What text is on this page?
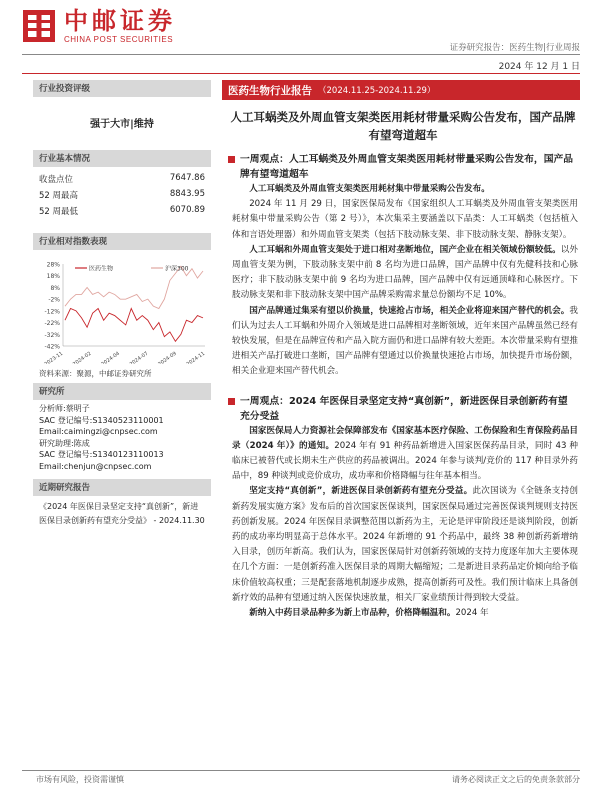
中邮证券
CHINA POST SECURITIES
证券研究报告：医药生物|行业周报
2024 年 12 月 1 日
行业投资评级
强于大市|维持
行业基本情况
收盘点位	7647.86
52 周最高	8843.95
52 周最低	6070.89
行业相对指数表现
28%
18%
8%
-2%
-12%
-22%
-32%
-42%
2023-11 2024-02 2024-04 2024-07 2024-09 2024-11
医药生物	沪深300
资料来源：聚源，中邮证券研究所
研究所
分析师:蔡明子
SAC 登记编号:S1340523110001
Email:caimingzi@cnpsec.com
研究助理:陈成
SAC 登记编号:S1340123110013
Email:chenjun@cnpsec.com
近期研究报告
《2024 年医保目录坚定支持“真创新”，新进医保目录创新药有望充分受益》 - 2024.11.30
医药生物行业报告 （2024.11.25-2024.11.29）
人工耳蜗类及外周血管支架类医用耗材带量采购公告发布，国产品牌有望弯道超车
一周观点：人工耳蜗类及外周血管支架类医用耗材带量采购公告发布，国产品牌有望弯道超车
人工耳蜗类及外周血管支架类医用耗材集中带量采购公告发布。
2024 年 11 月 29 日，国家医保局发布《国家组织人工耳蜗类及外周血管支架类医用耗材集中带量采购公告（第 2 号）》，本次集采主要涵盖以下品类：人工耳蜗类（包括植入体和言语处理器）和外周血管支架类（包括下肢动脉支架、非下肢动脉支架、静脉支架）。
人工耳蜗和外周血管支架处于进口相对垄断地位，国产企业在相关领域份额较低。以外周血管支架为例，下肢动脉支架中前 8 名均为进口品牌，国产品牌中仅有先健科技和心脉医疗；非下肢动脉支架中前 9 名均为进口品牌，国产品牌中仅有远通顶峰和心脉医疗。下肢动脉支架和非下肢动脉支架中国产品牌采购需求量总份额均不足 10%。
国产品牌通过集采有望以价换量，快速抢占市场，相关企业将迎来国产替代的机会。我们认为过去人工耳蜗和外周介入领域是进口品牌相对垄断领域，近年来国产品牌虽然已经有较快发展，但是在品牌宣传和产品入院方面仍和进口品牌有较大差距。本次带量采购有望推进相关产品打破进口垄断，国产品牌有望通过以价换量快速抢占市场，加快提升市场份额，相关企业迎来国产替代机会。
一周观点：2024 年医保目录坚定支持“真创新”，新进医保目录创新药有望充分受益
国家医保局人力资源社会保障部发布《国家基本医疗保险、工伤保险和生育保险药品目录（2024 年）》的通知。2024 年有 91 种药品新增进入国家医保药品目录，同时 43 种临床已被替代或长期未生产供应的药品被调出。2024 年参与谈判/竞价的 117 种目录外药品中，89 种谈判或竞价成功，成功率和价格降幅与往年基本相当。
坚定支持“真创新”，新进医保目录创新药有望充分受益。此次国谈为《全链条支持创新药发展实施方案》发布后的首次国家医保谈判，国家医保局通过完善医保谈判规则支持医药创新发展。2024 年医保目录调整范围以新药为主，无论是评审阶段还是谈判阶段，创新药的成功率均明显高于总体水平。2024 年新增的 91 个药品中，最终 38 种创新药新增纳入目录，创历年新高。我们认为，国家医保局针对创新药领域的支持力度逐年加大主要体现在几个方面：一是创新药准入医保目录的周期大幅缩短；二是新进目录药品定价倾向给予临床价值较高权重；三是配套落地机制逐步成熟，提高创新药可及性。我们预计临床上具备创新疗效的品种有望通过纳入医保快速放量，相关厂家业绩预计得到较大受益。
新纳入中药目录品种多为新上市品种，价格降幅温和。2024 年
市场有风险，投资需谨慎	请务必阅读正文之后的免责条款部分
